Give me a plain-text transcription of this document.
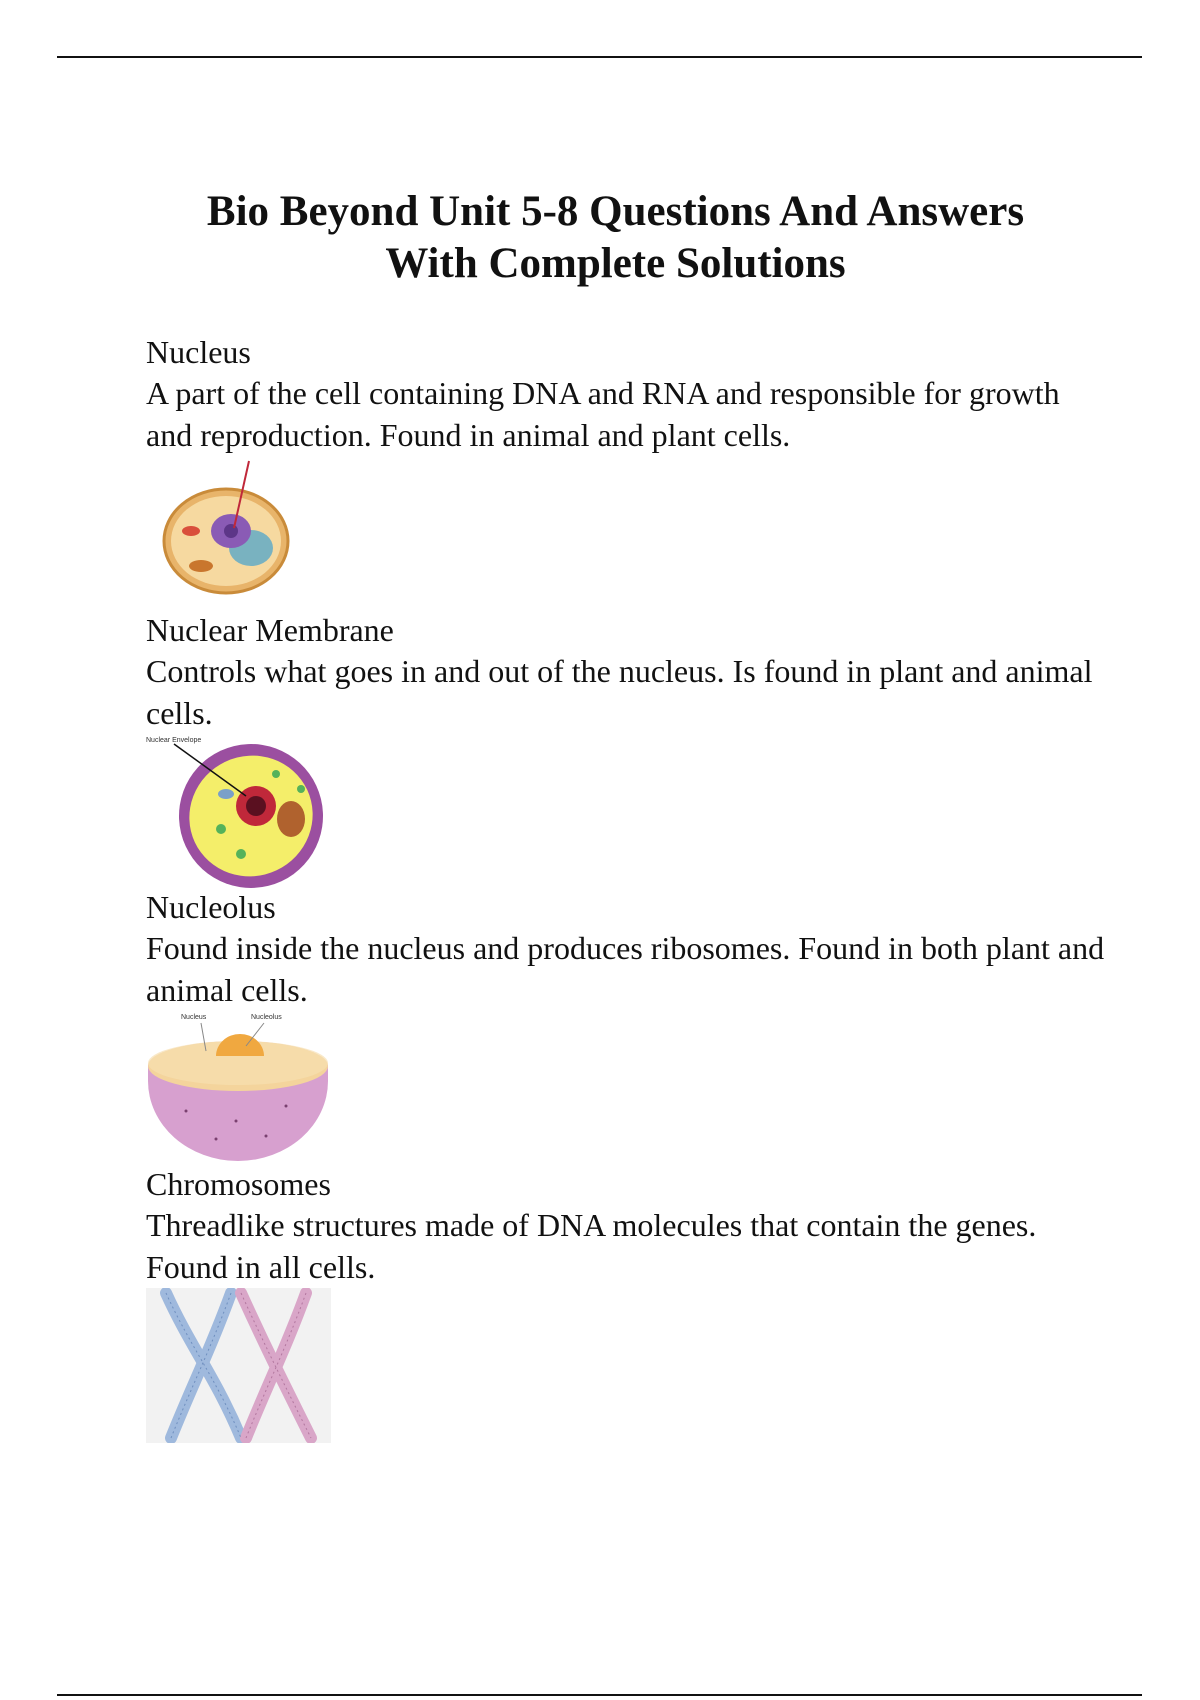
Bio Beyond Unit 5-8 Questions And Answers
With Complete Solutions

Nucleus

A part of the cell containing DNA and RNA and responsible for growth and reproduction. Found in animal and plant cells.

Nuclear Membrane

Controls what goes in and out of the nucleus. Is found in plant and animal cells.

Nuclear Envelope

Nucleolus

Found inside the nucleus and produces ribosomes. Found in both plant and animal cells.

Nucleus	Nucleolus

Chromosomes

Threadlike structures made of DNA molecules that contain the genes. Found in all cells.
